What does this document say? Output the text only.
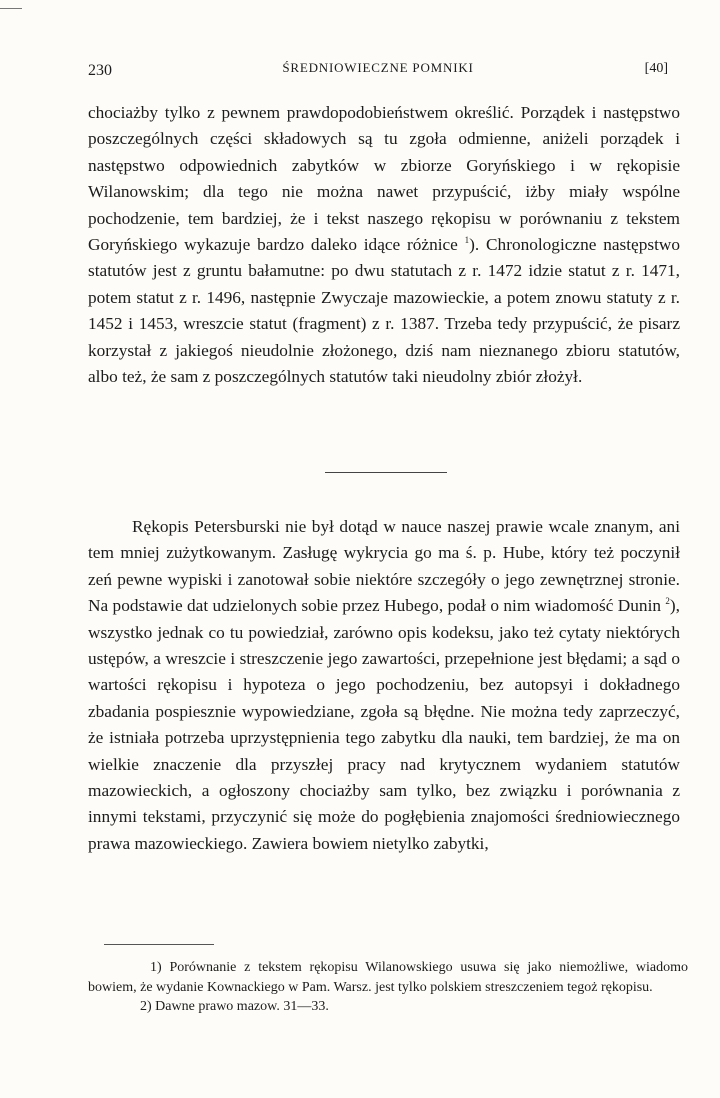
230	ŚREDNIOWIECZNE POMNIKI	[40]

chociażby tylko z pewnem prawdopodobieństwem określić. Porządek i następstwo poszczególnych części składowych są tu zgoła odmienne, aniżeli porządek i następstwo odpowiednich zabytków w zbiorze Goryńskiego i w rękopisie Wilanowskim; dla tego nie można nawet przypuścić, iżby miały wspólne pochodzenie, tem bardziej, że i tekst naszego rękopisu w porównaniu z tekstem Goryńskiego wykazuje bardzo daleko idące różnice $^1$). Chronologiczne następstwo statutów jest z gruntu bałamutne: po dwu statutach z r. 1472 idzie statut z r. 1471, potem statut z r. 1496, następnie Zwyczaje mazowieckie, a potem znowu statuty z r. 1452 i 1453, wreszcie statut (fragment) z r. 1387. Trzeba tedy przypuścić, że pisarz korzystał z jakiegoś nieudolnie złożonego, dziś nam nieznanego zbioru statutów, albo też, że sam z poszczególnych statutów taki nieudolny zbiór złożył.

Rękopis Petersburski nie był dotąd w nauce naszej prawie wcale znanym, ani tem mniej zużytkowanym. Zasługę wykrycia go ma ś. p. Hube, który też poczynił zeń pewne wypiski i zanotował sobie niektóre szczegóły o jego zewnętrznej stronie. Na podstawie dat udzielonych sobie przez Hubego, podał o nim wiadomość Dunin $^2$), wszystko jednak co tu powiedział, zarówno opis kodeksu, jako też cytaty niektórych ustępów, a wreszcie i streszczenie jego zawartości, przepełnione jest błędami; a sąd o wartości rękopisu i hypoteza o jego pochodzeniu, bez autopsyi i dokładnego zbadania pospiesznie wypowiedziane, zgoła są błędne. Nie można tedy zaprzeczyć, że istniała potrzeba uprzystępnienia tego zabytku dla nauki, tem bardziej, że ma on wielkie znaczenie dla przyszłej pracy nad krytycznem wydaniem statutów mazowieckich, a ogłoszony chociażby sam tylko, bez związku i porównania z innymi tekstami, przyczynić się może do pogłębienia znajomości średniowiecznego prawa mazowieckiego. Zawiera bowiem nietylko zabytki,

1) Porównanie z tekstem rękopisu Wilanowskiego usuwa się jako niemożliwe, wiadomo bowiem, że wydanie Kownackiego w Pam. Warsz. jest tylko polskiem streszczeniem tegoż rękopisu.

2) Dawne prawo mazow. 31—33.
